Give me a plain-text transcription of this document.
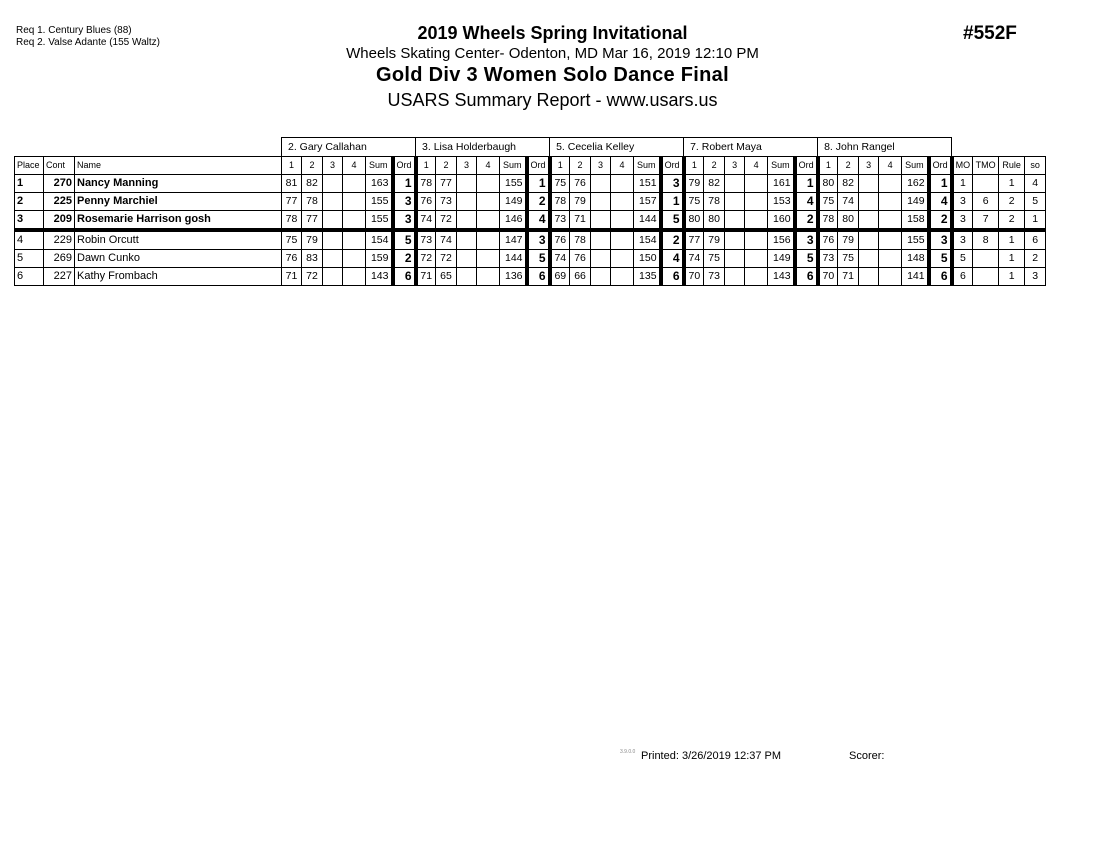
Req 1. Century Blues (88)
Req 2. Valse Adante (155 Waltz)	2019 Wheels Spring Invitational
Wheels Skating Center- Odenton, MD Mar 16, 2019 12:10 PM
Gold Div 3 Women Solo Dance Final
USARS Summary Report - www.usars.us
#552F
			2. Gary Callahan						3. Lisa Holderbaugh						5. Cecelia Kelley						7. Robert Maya						8. John Rangel									
Place	Cont	Name	1	2	3	4	Sum	Ord	1	2	3	4	Sum	Ord	1	2	3	4	Sum	Ord	1	2	3	4	Sum	Ord	1	2	3	4	Sum	Ord	MO	TMO	Rule	so
1	270	Nancy Manning	81	82			163	1	78	77			155	1	75	76			151	3	79	82			161	1	80	82			162	1	1		1	4
2	225	Penny Marchiel	77	78			155	3	76	73			149	2	78	79			157	1	75	78			153	4	75	74			149	4	3	6	2	5
3	209	Rosemarie Harrison gosh	78	77			155	3	74	72			146	4	73	71			144	5	80	80			160	2	78	80			158	2	3	7	2	1
4	229	Robin Orcutt	75	79			154	5	73	74			147	3	76	78			154	2	77	79			156	3	76	79			155	3	3	8	1	6
5	269	Dawn Cunko	76	83			159	2	72	72			144	5	74	76			150	4	74	75			149	5	73	75			148	5	5		1	2
6	227	Kathy Frombach	71	72			143	6	71	65			136	6	69	66			135	6	70	73			143	6	70	71			141	6	6		1	3
3.9.0.0 Printed: 3/26/2019 12:37 PM	Scorer:
